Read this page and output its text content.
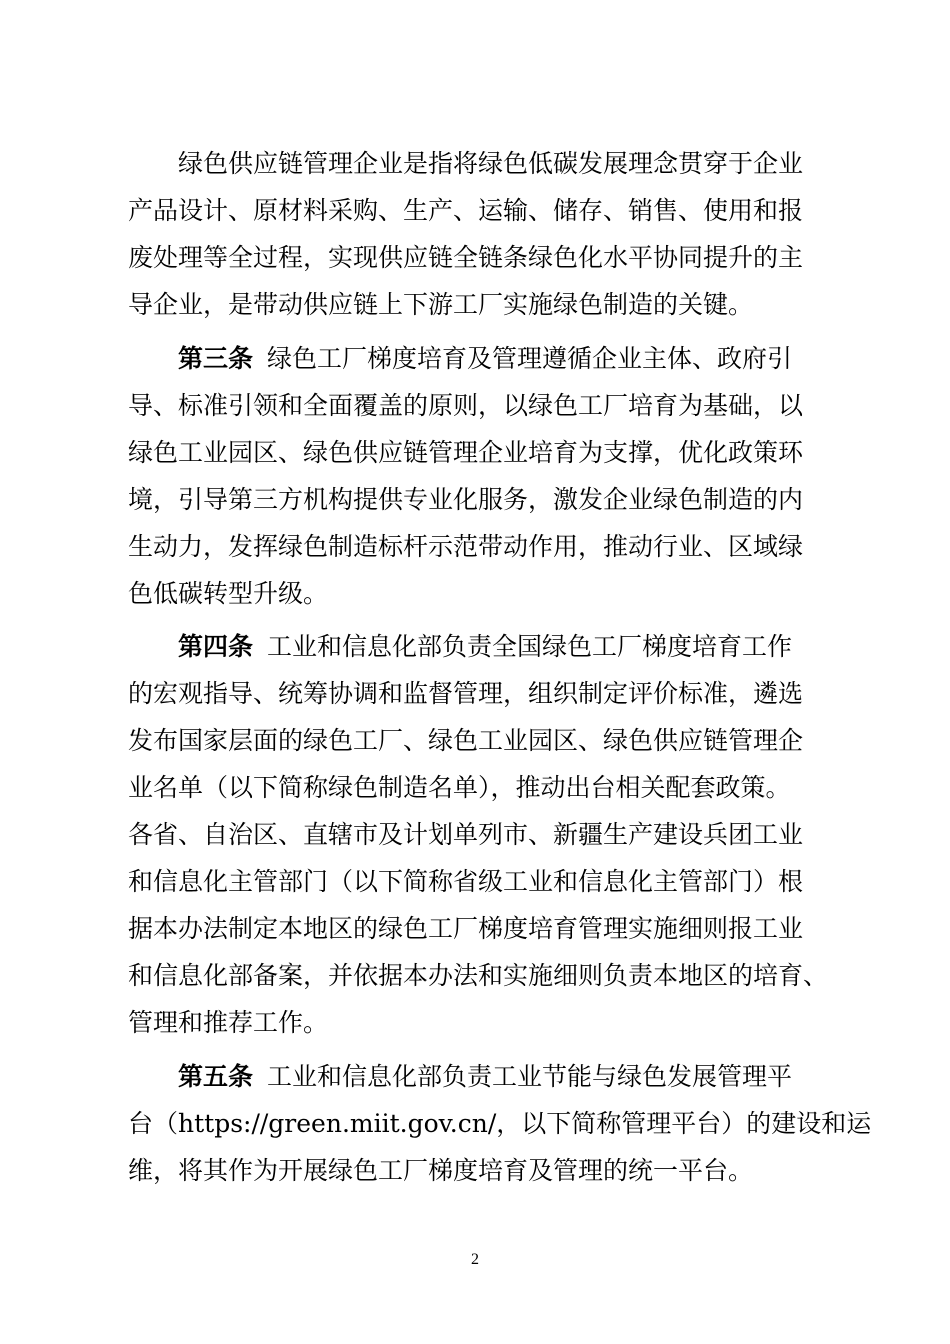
绿色供应链管理企业是指将绿色低碳发展理念贯穿于企业
产品设计、原材料采购、生产、运输、储存、销售、使用和报
废处理等全过程，实现供应链全链条绿色化水平协同提升的主
导企业，是带动供应链上下游工厂实施绿色制造的关键。
第三条 绿色工厂梯度培育及管理遵循企业主体、政府引
导、标准引领和全面覆盖的原则，以绿色工厂培育为基础，以
绿色工业园区、绿色供应链管理企业培育为支撑，优化政策环
境，引导第三方机构提供专业化服务，激发企业绿色制造的内
生动力，发挥绿色制造标杆示范带动作用，推动行业、区域绿
色低碳转型升级。
第四条 工业和信息化部负责全国绿色工厂梯度培育工作
的宏观指导、统筹协调和监督管理，组织制定评价标准，遴选
发布国家层面的绿色工厂、绿色工业园区、绿色供应链管理企
业名单（以下简称绿色制造名单），推动出台相关配套政策。
各省、自治区、直辖市及计划单列市、新疆生产建设兵团工业
和信息化主管部门（以下简称省级工业和信息化主管部门）根
据本办法制定本地区的绿色工厂梯度培育管理实施细则报工业
和信息化部备案，并依据本办法和实施细则负责本地区的培育、
管理和推荐工作。
第五条 工业和信息化部负责工业节能与绿色发展管理平
台（https://green.miit.gov.cn/，以下简称管理平台）的建设和运
维，将其作为开展绿色工厂梯度培育及管理的统一平台。
2
